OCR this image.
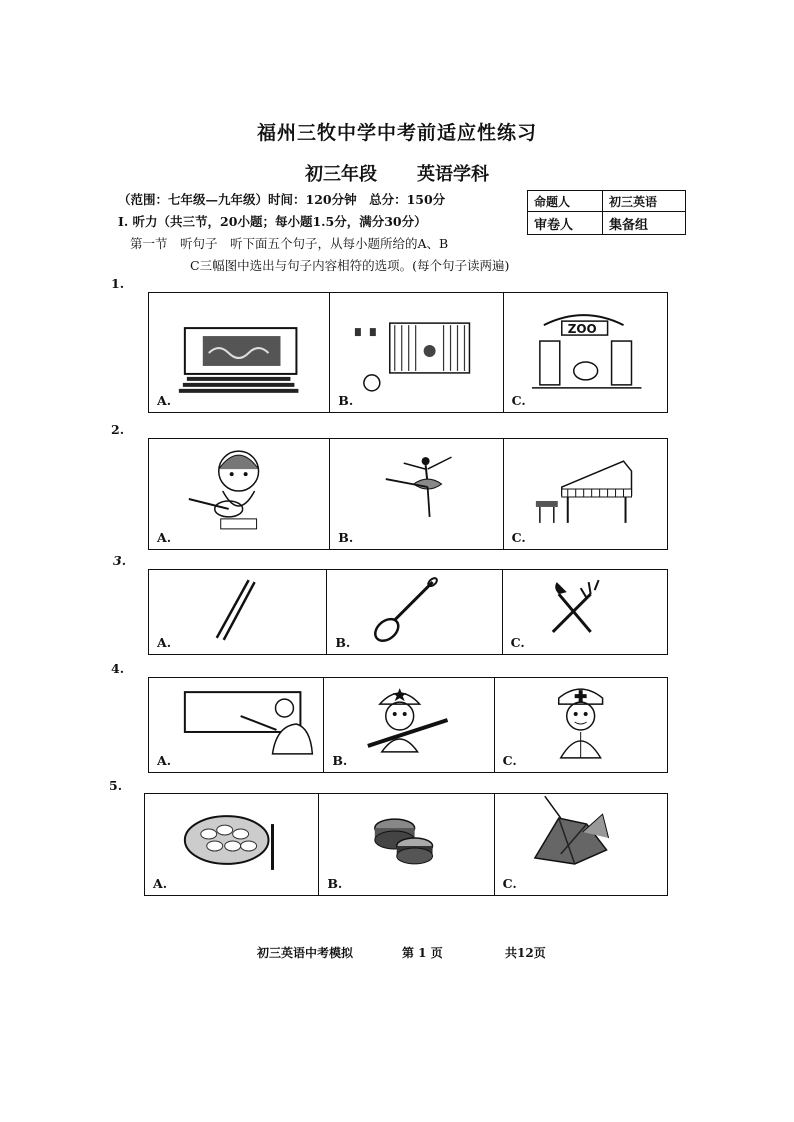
福州三牧中学中考前适应性练习
初三年段 英语学科
（范围：七年级—九年级）时间：120分钟　总分：150分
I. 听力（共三节，20小题；每小题1.5分，满分30分）
第一节　听句子　听下面五个句子，从每小题所给的A、B
C三幅图中选出与句子内容相符的选项。(每个句子读两遍)
命题人	初三英语
审卷人	集备组
1.
A.	B.
ZOO
C.
2.
A.	B.	C.
3.
A.	B.	C.
4.
A.	B.	C.
5.
A.	B.	C.
初三英语中考模拟	第 1 页	共12页
